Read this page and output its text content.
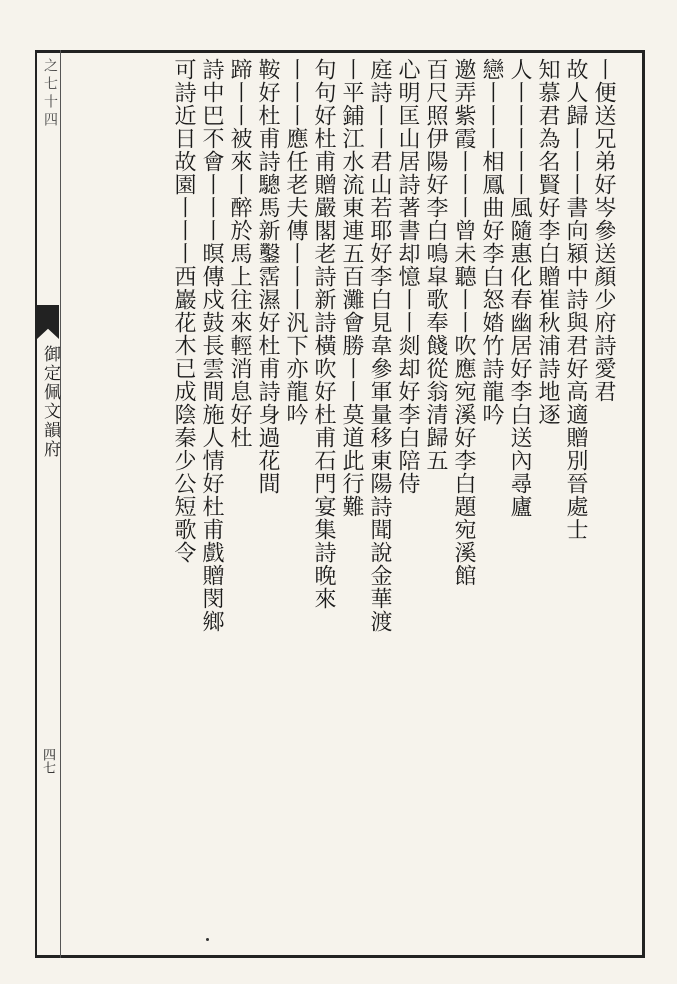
之七十四
御定佩文韻府
四七
丨便送兄弟好岑參送顏少府詩愛君
故人歸丨丨丨書向潁中詩與君好高適贈別晉處士
知慕君為名賢好李白贈崔秋浦詩地逐
人丨丨丨丨丨風隨惠化春幽居好李白送內尋廬
戀丨丨丨相鳳曲好李白怒㛥竹詩龍吟
邀弄紫霞丨丨丨曾未聽丨丨吹應宛溪好李白題宛溪館
百尺照伊陽好李白鳴皐歌奉餞從翁清歸五
心明匡山居詩著書却憶丨丨剡却好李白陪侍
庭詩丨丨君山若耶好李白見韋參軍量移東陽詩聞說金華渡
丨平鋪江水流東連五百灘會勝丨丨莫道此行難
句句好杜甫贈嚴閣老詩新詩橫吹好杜甫石門宴集詩晚來
丨丨丨應任老夫傳丨丨丨汎下亦龍吟
鞍好杜甫詩驄馬新鑿霑濕好杜甫詩身過花間
蹄丨丨被來丨醉於馬上往來輕消息好杜
詩中巴不會丨丨丨暝傳戍鼓長雲間施人情好杜甫戲贈閔鄉
可詩近日故園丨丨丨西巖花木已成陰秦少公短歌令
